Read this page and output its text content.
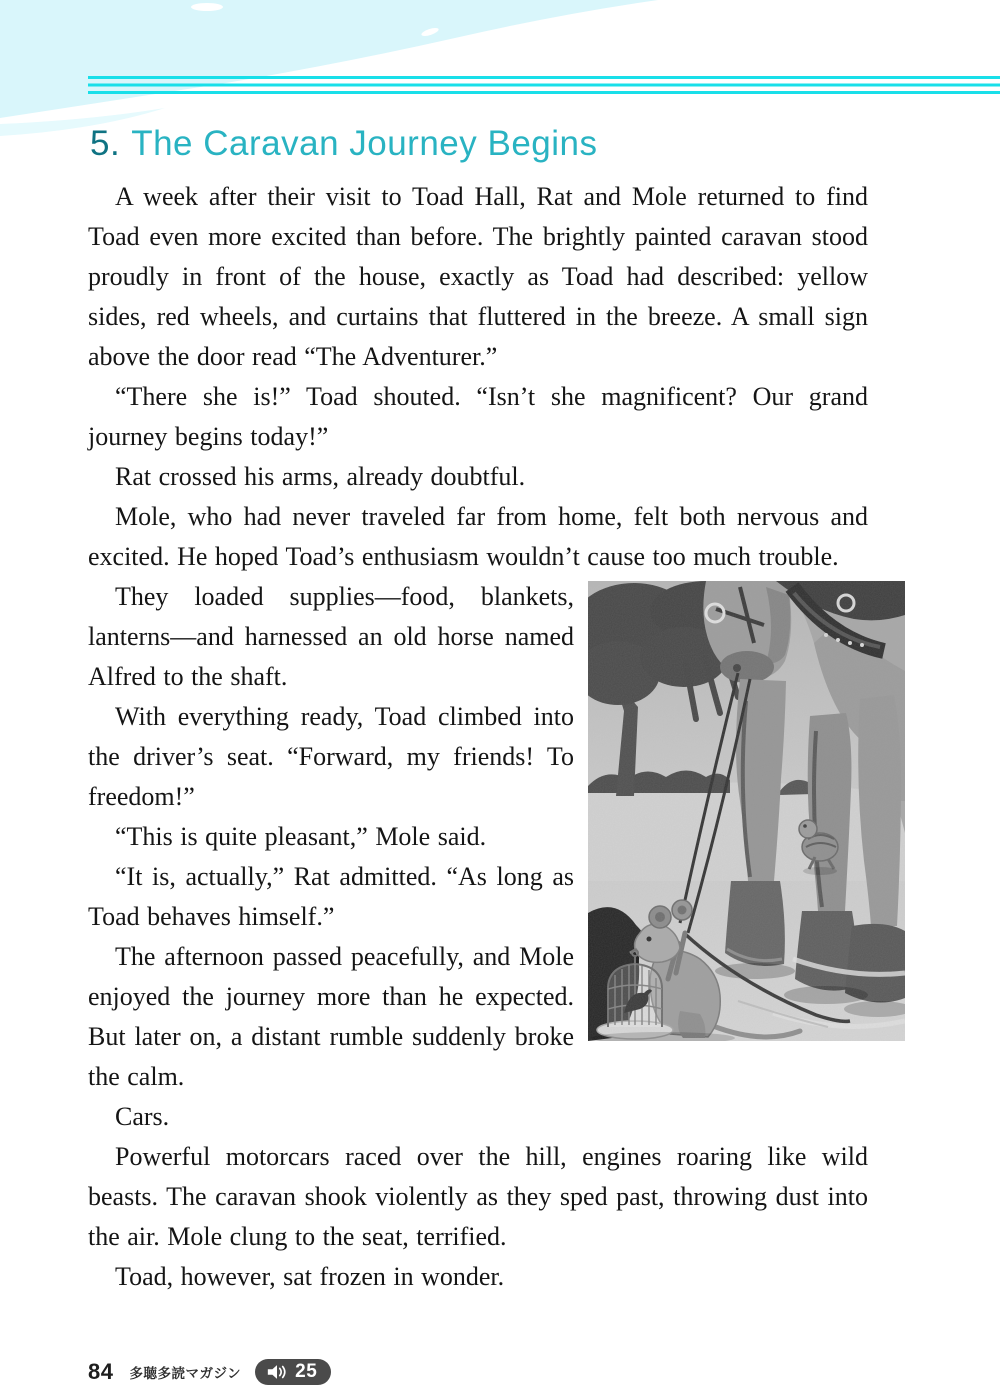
5. The Caravan Journey Begins

A week after their visit to Toad Hall, Rat and Mole returned to find Toad even more excited than before. The brightly painted caravan stood proudly in front of the house, exactly as Toad had described: yellow sides, red wheels, and curtains that fluttered in the breeze. A small sign above the door read “The Adventurer.”

“There she is!” Toad shouted. “Isn’t she magnificent? Our grand journey begins today!”

Rat crossed his arms, already doubtful.

Mole, who had never traveled far from home, felt both nervous and excited. He hoped Toad’s enthusiasm wouldn’t cause too much trouble.

They loaded supplies—food, blankets, lanterns—and harnessed an old horse named Alfred to the shaft.

With everything ready, Toad climbed into the driver’s seat. “Forward, my friends! To freedom!”

“This is quite pleasant,” Mole said.

“It is, actually,” Rat admitted. “As long as Toad behaves himself.”

The afternoon passed peacefully, and Mole enjoyed the journey more than he expected. But later on, a distant rumble suddenly broke the calm.

Cars.

Powerful motorcars raced over the hill, engines roaring like wild beasts. The caravan shook violently as they sped past, throwing dust into the air. Mole clung to the seat, terrified.

Toad, however, sat frozen in wonder.

84 多聴多読マガジン	25
